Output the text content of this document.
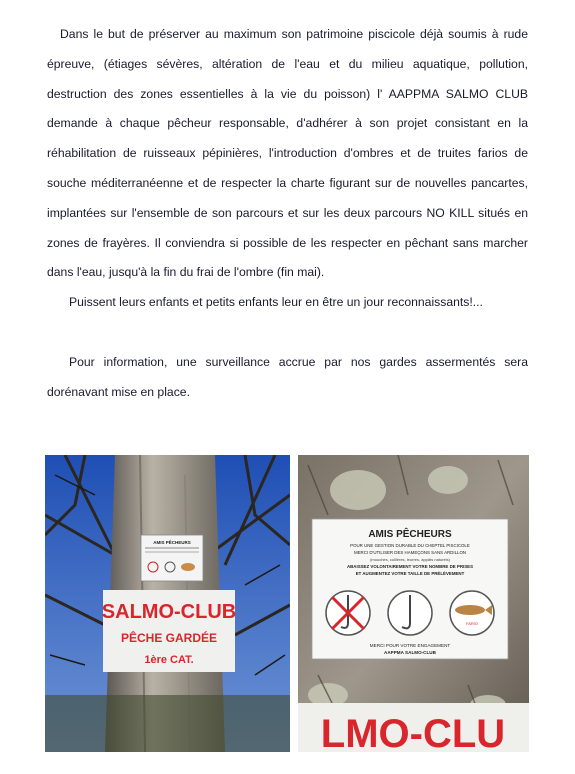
Dans le but de préserver au maximum son patrimoine piscicole déjà soumis à rude épreuve, (étiages sévères, altération de l'eau et du milieu aquatique, pollution, destruction des zones essentielles à la vie du poisson) l' AAPPMA SALMO CLUB demande à chaque pêcheur responsable, d'adhérer à son projet consistant en la réhabilitation de ruisseaux pépinières, l'introduction d'ombres et de truites farios de souche méditerranéenne et de respecter la charte figurant sur de nouvelles pancartes, implantées sur l'ensemble de son parcours et sur les deux parcours NO KILL situés en zones de frayères. Il conviendra si possible de les respecter en pêchant sans marcher dans l'eau, jusqu'à la fin du frai de l'ombre (fin mai).

Puissent leurs enfants et petits enfants leur en être un jour reconnaissants!...

Pour information, une surveillance accrue par nos gardes assermentés sera dorénavant mise en place.

AMIS PÊCHEURS
SALMO-CLUB
PÊCHE GARDÉE
1ère CAT.
AMIS PÊCHEURS
POUR UNE GESTION DURABLE DU CHEPTEL PISCICOLE
MERCI D'UTILISER DES HAMEÇONS SANS ARDILLON
(mouches, cuillères, leurres, appâts naturels)
ABAISSEZ VOLONTAIREMENT VOTRE NOMBRE DE PRISES
ET AUGMENTEZ VOTRE TAILLE DE PRÉLÈVEMENT
FARIO
MERCI POUR VOTRE ENGAGEMENT
AAPPMA SALMO-CLUB
LMO-CLU
